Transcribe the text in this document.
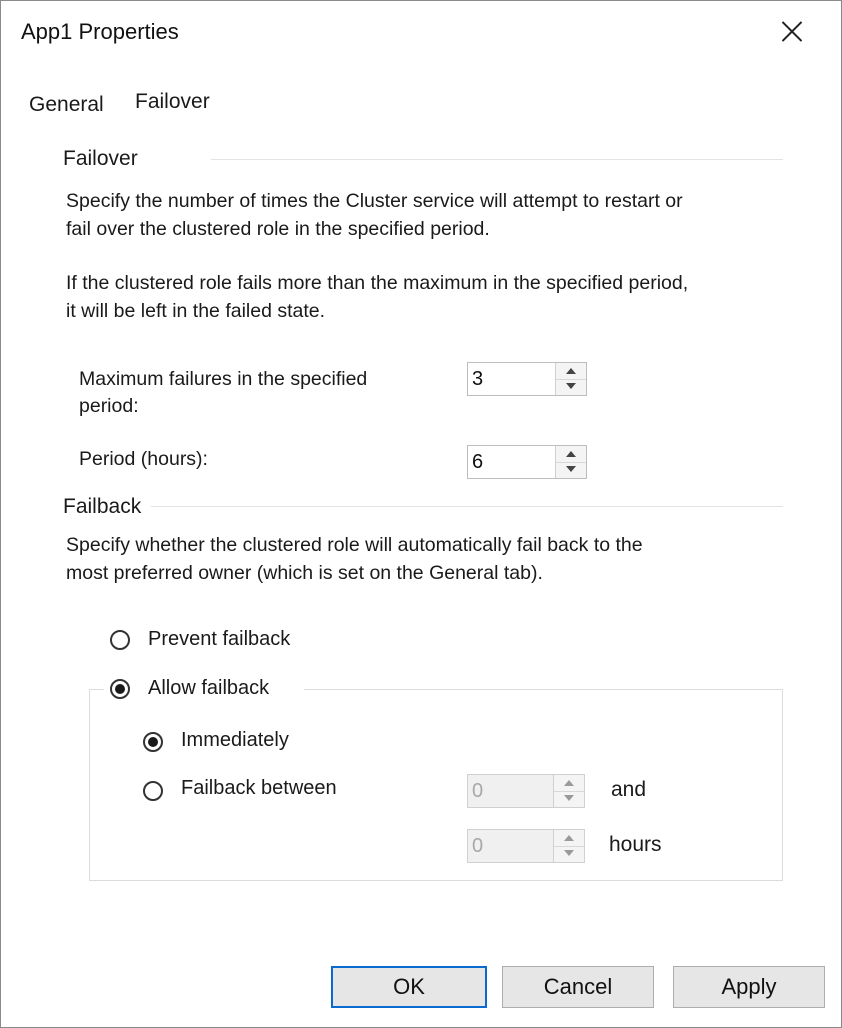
App1 Properties
General Failover
Failover
Specify the number of times the Cluster service will attempt to restart or
fail over the clustered role in the specified period.
If the clustered role fails more than the maximum in the specified period,
it will be left in the failed state.
Maximum failures in the specified
period:
3
Period (hours):	6
Failback
Specify whether the clustered role will automatically fail back to the
most preferred owner (which is set on the General tab).
Prevent failback
Allow failback
Immediately
Failback between	0	and
0	hours
OK	Cancel	Apply
